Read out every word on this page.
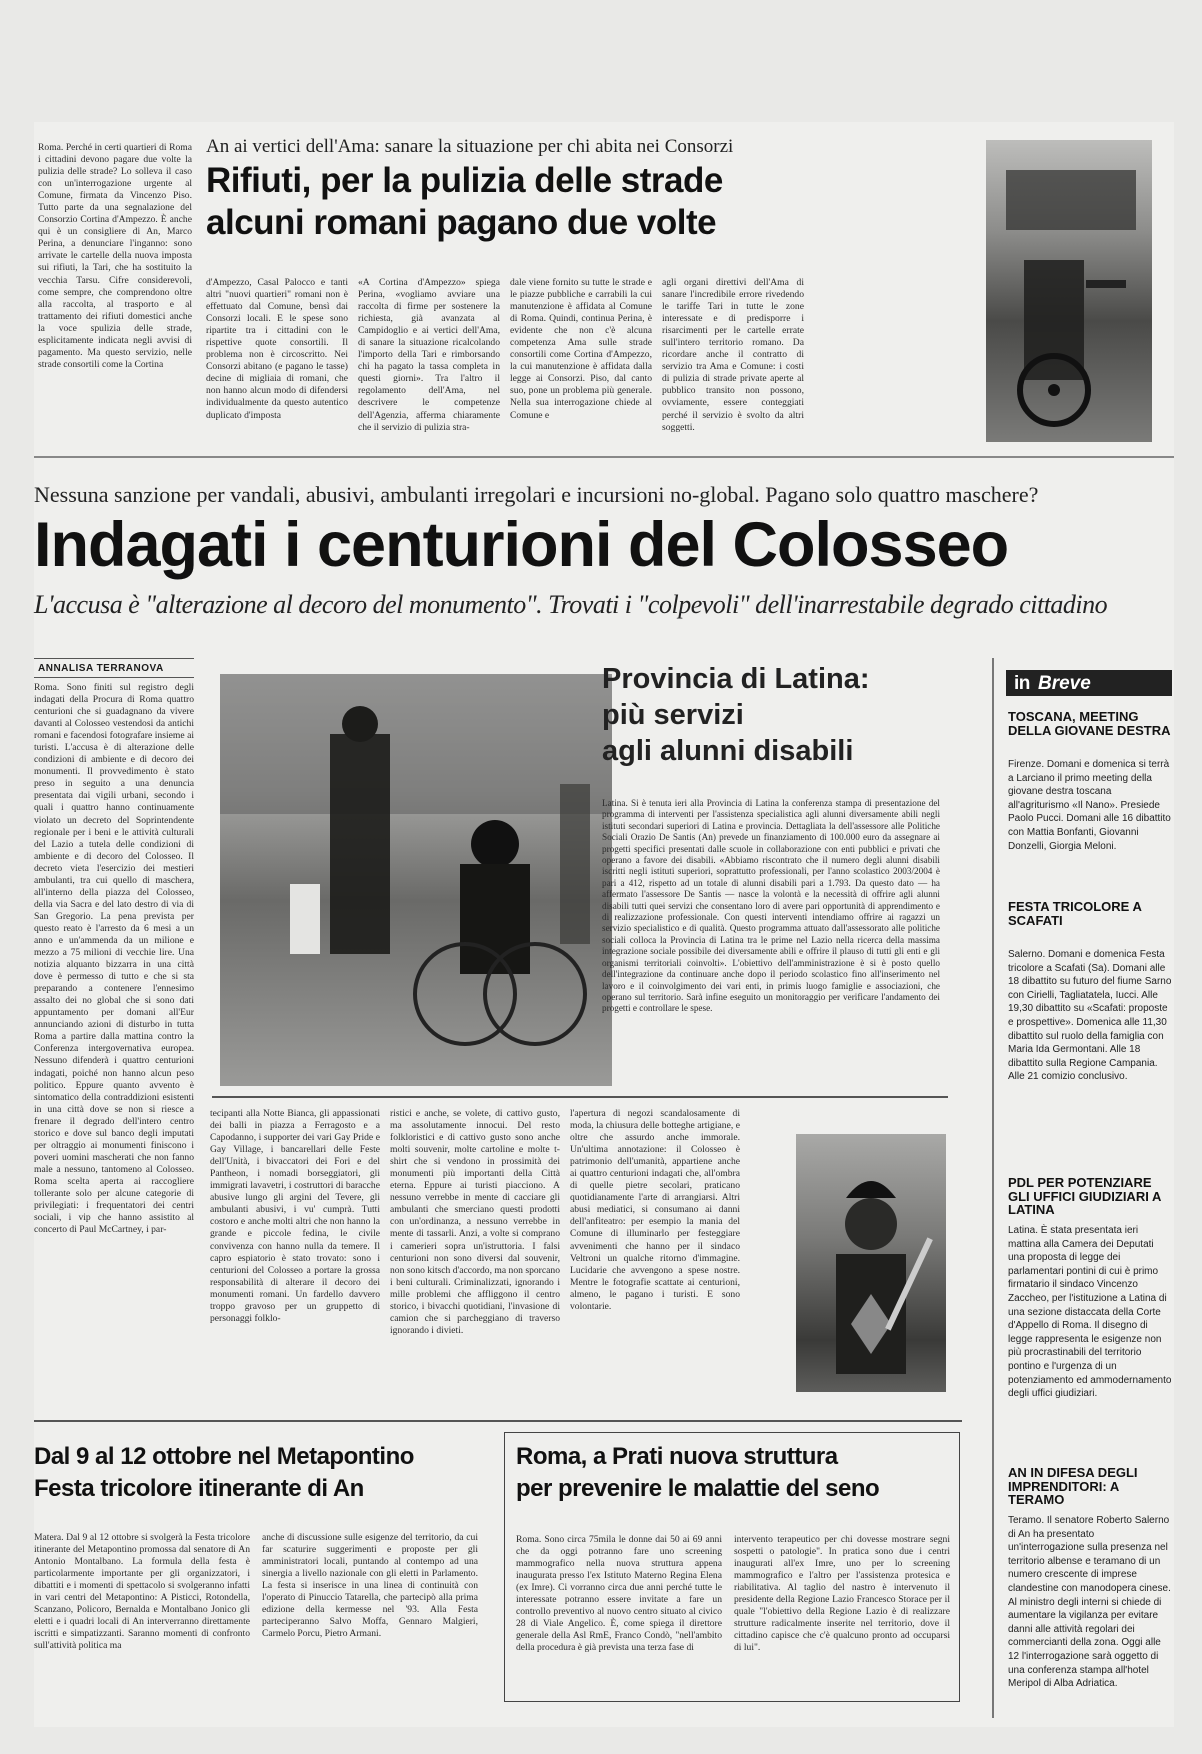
Roma. Perché in certi quartieri di Roma i cittadini devono pagare due volte la pulizia delle strade? Lo solleva il caso con un'interrogazione urgente al Comune, firmata da Vincenzo Piso. Tutto parte da una segnalazione del Consorzio Cortina d'Ampezzo. È anche qui è un consigliere di An, Marco Perina, a denunciare l'inganno: sono arrivate le cartelle della nuova imposta sui rifiuti, la Tari, che ha sostituito la vecchia Tarsu. Cifre considerevoli, come sempre, che comprendono oltre alla raccolta, al trasporto e al trattamento dei rifiuti domestici anche la voce spulizia delle strade, esplicitamente indicata negli avvisi di pagamento. Ma questo servizio, nelle strade consortili come la Cortina
An ai vertici dell'Ama: sanare la situazione per chi abita nei Consorzi
Rifiuti, per la pulizia delle strade
alcuni romani pagano due volte
d'Ampezzo, Casal Palocco e tanti altri "nuovi quartieri" romani non è effettuato dal Comune, bensì dai Consorzi locali. E le spese sono ripartite tra i cittadini con le rispettive quote consortili. Il problema non è circoscritto. Nei Consorzi abitano (e pagano le tasse) decine di migliaia di romani, che non hanno alcun modo di difendersi individualmente da questo autentico duplicato d'imposta
«A Cortina d'Ampezzo» spiega Perina, «vogliamo avviare una raccolta di firme per sostenere la richiesta, già avanzata al Campidoglio e ai vertici dell'Ama, di sanare la situazione ricalcolando l'importo della Tari e rimborsando chi ha pagato la tassa completa in questi giorni». Tra l'altro il regolamento dell'Ama, nel descrivere le competenze dell'Agenzia, afferma chiaramente che il servizio di pulizia stra-
dale viene fornito su tutte le strade e le piazze pubbliche e carrabili la cui manutenzione è affidata al Comune di Roma. Quindi, continua Perina, è evidente che non c'è alcuna competenza Ama sulle strade consortili come Cortina d'Ampezzo, la cui manutenzione è affidata dalla legge ai Consorzi. Piso, dal canto suo, pone un problema più generale. Nella sua interrogazione chiede al Comune e
agli organi direttivi dell'Ama di sanare l'incredibile errore rivedendo le tariffe Tari in tutte le zone interessate e di predisporre i risarcimenti per le cartelle errate sull'intero territorio romano. Da ricordare anche il contratto di servizio tra Ama e Comune: i costi di pulizia di strade private aperte al pubblico transito non possono, ovviamente, essere conteggiati perché il servizio è svolto da altri soggetti.
Nessuna sanzione per vandali, abusivi, ambulanti irregolari e incursioni no-global. Pagano solo quattro maschere?
Indagati i centurioni del Colosseo
L'accusa è "alterazione al decoro del monumento". Trovati i "colpevoli" dell'inarrestabile degrado cittadino
ANNALISA TERRANOVA
Roma. Sono finiti sul registro degli indagati della Procura di Roma quattro centurioni che si guadagnano da vivere davanti al Colosseo vestendosi da antichi romani e facendosi fotografare insieme ai turisti. L'accusa è di alterazione delle condizioni di ambiente e di decoro dei monumenti. Il provvedimento è stato preso in seguito a una denuncia presentata dai vigili urbani, secondo i quali i quattro hanno continuamente violato un decreto del Soprintendente regionale per i beni e le attività culturali del Lazio a tutela delle condizioni di ambiente e di decoro del Colosseo. Il decreto vieta l'esercizio dei mestieri ambulanti, tra cui quello di maschera, all'interno della piazza del Colosseo, della via Sacra e del lato destro di via di San Gregorio. La pena prevista per questo reato è l'arresto da 6 mesi a un anno e un'ammenda da un milione e mezzo a 75 milioni di vecchie lire. Una notizia alquanto bizzarra in una città dove è permesso di tutto e che si sta preparando a contenere l'ennesimo assalto dei no global che si sono dati appuntamento per domani all'Eur annunciando azioni di disturbo in tutta Roma a partire dalla mattina contro la Conferenza intergovernativa europea. Nessuno difenderà i quattro centurioni indagati, poiché non hanno alcun peso politico. Eppure quanto avvento è sintomatico della contraddizioni esistenti in una città dove se non si riesce a frenare il degrado dell'intero centro storico e dove sul banco degli imputati per oltraggio ai monumenti finiscono i poveri uomini mascherati che non fanno male a nessuno, tantomeno al Colosseo. Roma scelta aperta ai raccogliere tollerante solo per alcune categorie di privilegiati: i frequentatori dei centri sociali, i vip che hanno assistito al concerto di Paul McCartney, i par-
Provincia di Latina:
più servizi
agli alunni disabili
Latina. Si è tenuta ieri alla Provincia di Latina la conferenza stampa di presentazione del programma di interventi per l'assistenza specialistica agli alunni diversamente abili negli istituti secondari superiori di Latina e provincia. Dettagliata la dell'assessore alle Politiche Sociali Orazio De Santis (An) prevede un finanziamento di 100.000 euro da assegnare ai progetti specifici presentati dalle scuole in collaborazione con enti pubblici e privati che operano a favore dei disabili. «Abbiamo riscontrato che il numero degli alunni disabili iscritti negli istituti superiori, soprattutto professionali, per l'anno scolastico 2003/2004 è pari a 412, rispetto ad un totale di alunni disabili pari a 1.793. Da questo dato — ha affermato l'assessore De Santis — nasce la volontà e la necessità di offrire agli alunni disabili tutti quei servizi che consentano loro di avere pari opportunità di apprendimento e di realizzazione professionale. Con questi interventi intendiamo offrire ai ragazzi un servizio specialistico e di qualità. Questo programma attuato dall'assessorato alle politiche sociali colloca la Provincia di Latina tra le prime nel Lazio nella ricerca della massima integrazione sociale possibile dei diversamente abili e offrire il plauso di tutti gli enti e gli organismi territoriali coinvolti». L'obiettivo dell'amministrazione è si è posto quello dell'integrazione da continuare anche dopo il periodo scolastico fino all'inserimento nel lavoro e il coinvolgimento dei vari enti, in primis luogo famiglie e associazioni, che operano sul territorio. Sarà infine eseguito un monitoraggio per verificare l'andamento dei progetti e controllare le spese.
tecipanti alla Notte Bianca, gli appassionati dei balli in piazza a Ferragosto e a Capodanno, i supporter dei vari Gay Pride e Gay Village, i bancarellari delle Feste dell'Unità, i bivaccatori dei Fori e del Pantheon, i nomadi borseggiatori, gli immigrati lavavetri, i costruttori di baracche abusive lungo gli argini del Tevere, gli ambulanti abusivi, i vu' cumprà. Tutti costoro e anche molti altri che non hanno la grande e piccole fedina, le civile convivenza con hanno nulla da temere. Il capro espiatorio è stato trovato: sono i centurioni del Colosseo a portare la grossa responsabilità di alterare il decoro dei monumenti romani. Un fardello davvero troppo gravoso per un gruppetto di personaggi folklo-
ristici e anche, se volete, di cattivo gusto, ma assolutamente innocui. Del resto folkloristici e di cattivo gusto sono anche molti souvenir, molte cartoline e molte t-shirt che si vendono in prossimità dei monumenti più importanti della Città eterna. Eppure ai turisti piacciono. A nessuno verrebbe in mente di cacciare gli ambulanti che smerciano questi prodotti con un'ordinanza, a nessuno verrebbe in mente di tassarli. Anzi, a volte si comprano i camerieri sopra un'istruttoria. I falsi centurioni non sono diversi dal souvenir, non sono kitsch d'accordo, ma non sporcano i beni culturali. Criminalizzati, ignorando i mille problemi che affliggono il centro storico, i bivacchi quotidiani, l'invasione di camion che si parcheggiano di traverso ignorando i divieti.
l'apertura di negozi scandalosamente di moda, la chiusura delle botteghe artigiane, e oltre che assurdo anche immorale. Un'ultima annotazione: il Colosseo è patrimonio dell'umanità, appartiene anche ai quattro centurioni indagati che, all'ombra di quelle pietre secolari, praticano quotidianamente l'arte di arrangiarsi. Altri abusi mediatici, si consumano ai danni dell'anfiteatro: per esempio la mania del Comune di illuminarlo per festeggiare avvenimenti che hanno per il sindaco Veltroni un qualche ritorno d'immagine. Lucidarie che avvengono a spese nostre. Mentre le fotografie scattate ai centurioni, almeno, le pagano i turisti. E sono volontarie.
Dal 9 al 12 ottobre nel Metapontino
Festa tricolore itinerante di An
Matera. Dal 9 al 12 ottobre si svolgerà la Festa tricolore itinerante del Metapontino promossa dal senatore di An Antonio Montalbano. La formula della festa è particolarmente importante per gli organizzatori, i dibattiti e i momenti di spettacolo si svolgeranno infatti in vari centri del Metapontino: A Pisticci, Rotondella, Scanzano, Policoro, Bernalda e Montalbano Jonico gli eletti e i quadri locali di An interverranno direttamente iscritti e simpatizzanti. Saranno momenti di confronto sull'attività politica ma
anche di discussione sulle esigenze del territorio, da cui far scaturire suggerimenti e proposte per gli amministratori locali, puntando al contempo ad una sinergia a livello nazionale con gli eletti in Parlamento. La festa si inserisce in una linea di continuità con l'operato di Pinuccio Tatarella, che partecipò alla prima edizione della kermesse nel '93. Alla Festa parteciperanno Salvo Moffa, Gennaro Malgieri, Carmelo Porcu, Pietro Armani.
Roma, a Prati nuova struttura
per prevenire le malattie del seno
Roma. Sono circa 75mila le donne dai 50 ai 69 anni che da oggi potranno fare uno screening mammografico nella nuova struttura appena inaugurata presso l'ex Istituto Materno Regina Elena (ex Imre). Ci vorranno circa due anni perché tutte le interessate potranno essere invitate a fare un controllo preventivo al nuovo centro situato al civico 28 di Viale Angelico. È, come spiega il direttore generale della Asl RmE, Franco Condò, "nell'ambito della procedura è già prevista una terza fase di
intervento terapeutico per chi dovesse mostrare segni sospetti o patologie". In pratica sono due i centri inaugurati all'ex Imre, uno per lo screening mammografico e l'altro per l'assistenza protesica e riabilitativa. Al taglio del nastro è intervenuto il presidente della Regione Lazio Francesco Storace per il quale "l'obiettivo della Regione Lazio è di realizzare strutture radicalmente inserite nel territorio, dove il cittadino capisce che c'è qualcuno pronto ad occuparsi di lui".
in Breve
TOSCANA, MEETING DELLA GIOVANE DESTRA
Firenze. Domani e domenica si terrà a Larciano il primo meeting della giovane destra toscana all'agriturismo «Il Nano». Presiede Paolo Pucci. Domani alle 16 dibattito con Mattia Bonfanti, Giovanni Donzelli, Giorgia Meloni.
FESTA TRICOLORE A SCAFATI
Salerno. Domani e domenica Festa tricolore a Scafati (Sa). Domani alle 18 dibattito su futuro del fiume Sarno con Cirielli, Tagliatatela, Iucci. Alle 19,30 dibattito su «Scafati: proposte e prospettive». Domenica alle 11,30 dibattito sul ruolo della famiglia con Maria Ida Germontani. Alle 18 dibattito sulla Regione Campania. Alle 21 comizio conclusivo.
PDL PER POTENZIARE GLI UFFICI GIUDIZIARI A LATINA
Latina. È stata presentata ieri mattina alla Camera dei Deputati una proposta di legge dei parlamentari pontini di cui è primo firmatario il sindaco Vincenzo Zaccheo, per l'istituzione a Latina di una sezione distaccata della Corte d'Appello di Roma. Il disegno di legge rappresenta le esigenze non più procrastinabili del territorio pontino e l'urgenza di un potenziamento ed ammodernamento degli uffici giudiziari.
AN IN DIFESA DEGLI IMPRENDITORI: A TERAMO
Teramo. Il senatore Roberto Salerno di An ha presentato un'interrogazione sulla presenza nel territorio albense e teramano di un numero crescente di imprese clandestine con manodopera cinese. Al ministro degli interni si chiede di aumentare la vigilanza per evitare danni alle attività regolari dei commercianti della zona. Oggi alle 12 l'interrogazione sarà oggetto di una conferenza stampa all'hotel Meripol di Alba Adriatica.
